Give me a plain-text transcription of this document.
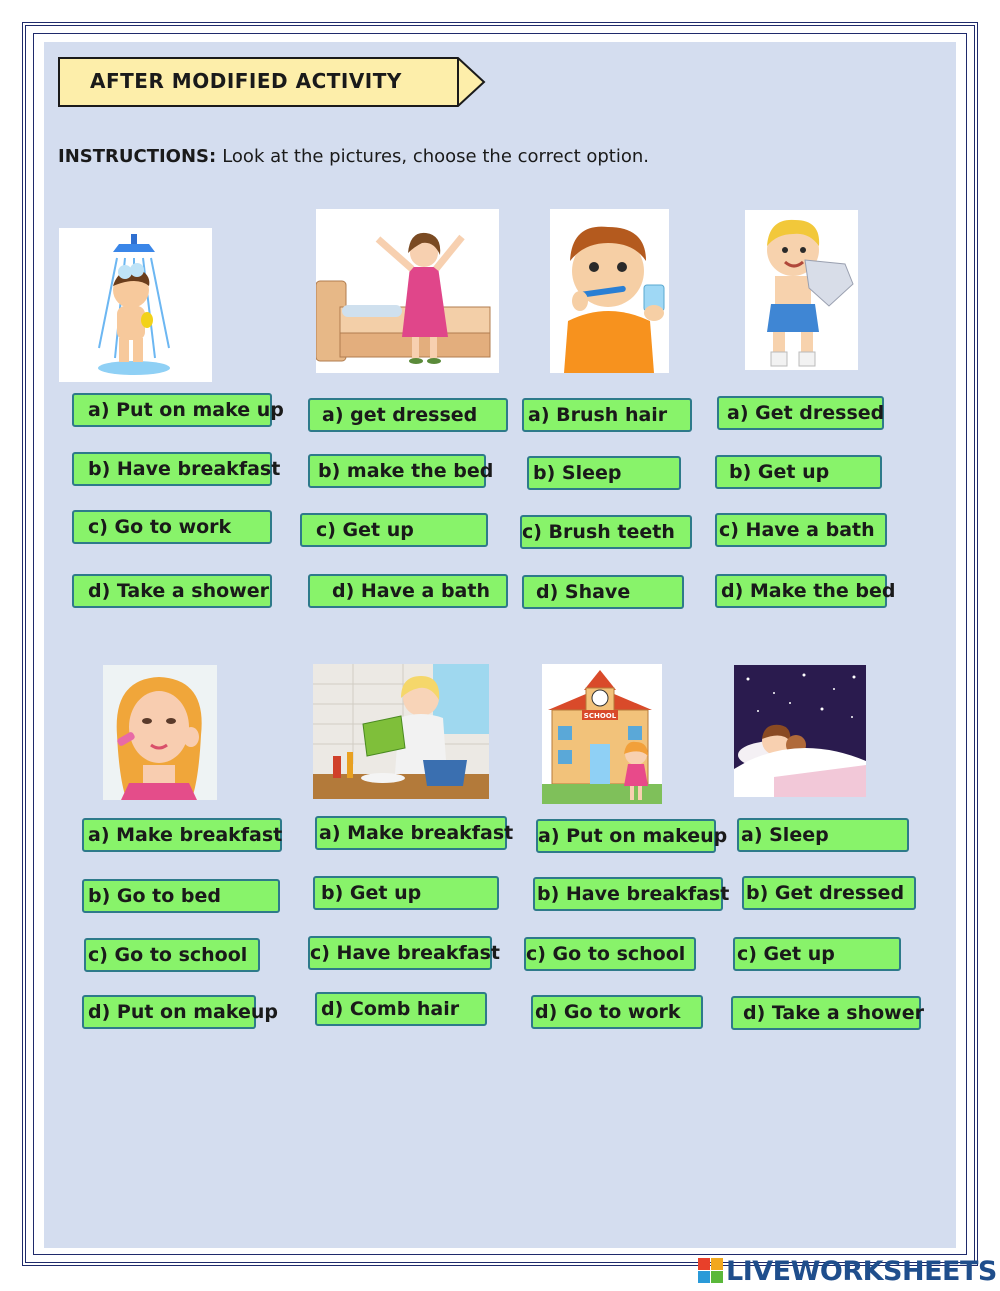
AFTER MODIFIED ACTIVITY
INSTRUCTIONS: Look at the pictures, choose the correct option.
SCHOOL
a) Put on make up
b) Have breakfast
c) Go to work
d) Take a shower
a) get dressed
b) make the bed
c) Get up
d) Have a bath
a) Brush hair
b) Sleep
c) Brush teeth
d) Shave
a) Get dressed
b) Get up
c) Have a bath
d) Make the bed
a) Make breakfast
b) Go to bed
c) Go to school
d) Put on makeup
a) Make breakfast
b) Get up
c) Have breakfast
d) Comb hair
a) Put on makeup
b) Have breakfast
c) Go to school
d) Go to work
a) Sleep
b) Get dressed
c) Get up
d) Take a shower
LIVEWORKSHEETS
